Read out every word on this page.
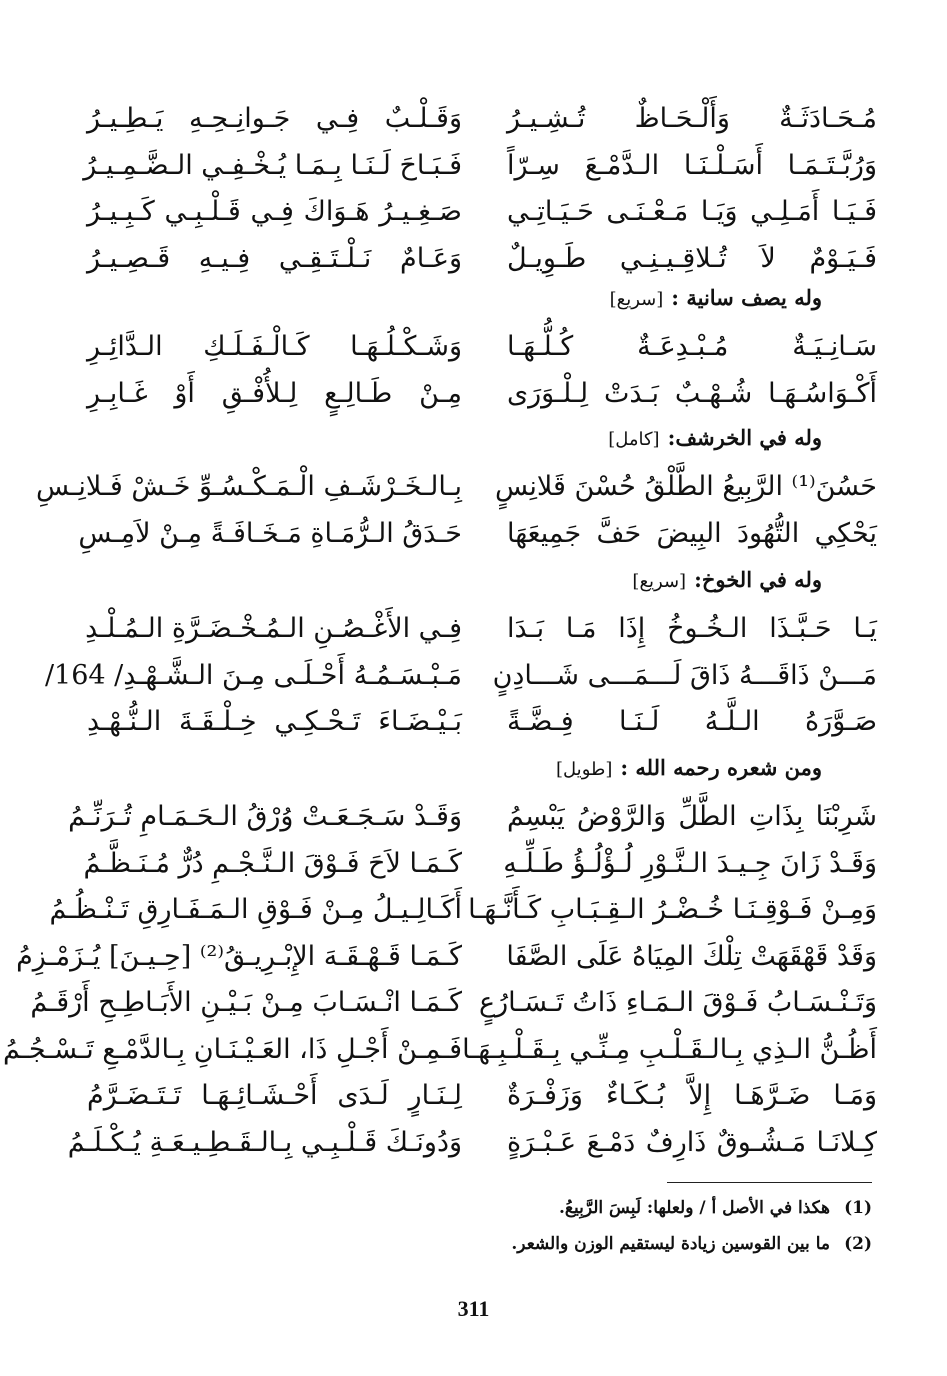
مُـحَـادَثَـةٌ وَأَلْـحَـاظٌ تُـشِـيـرُ
وَقَـلْـبٌ فِـي جَـوانِـحِـهِ يَـطِـيـرُ
وَرُبَّـتَـمَـا أَسَـلْـنَـا الـدَّمْـعَ سِـرّاً
فَـبَـاحَ لَـنَـا بِـمَـا يُـخْـفِـي الـضَّـمِـيـرُ
فَـيَـا أَمَـلِـي وَيَـا مَـعْـنَـى حَـيَـاتِـي
صَـغِـيـرُ هَـوَاكَ فِـي قَـلْـبِـي كَـبِـيـرُ
فَـيَـوْمٌ لاَ تُـلاقِـيـنِـي طَـوِيـلٌ
وَعَـامٌ نَـلْـتَـقِـي فِـيـهِ قَـصِـيـرُ
وله يصف سانية :[سريع]
سَـانِـيَـةٌ مُـبْـدِعَـةٌ كُـلُّـهَـا
وَشَـكْـلُـهَـا كَـالْـفَـلَـكِ الـدَّائِـرِ
أَكْـوَاسُـهَـا شُـهْـبٌ بَـدَتْ لِـلْـوَرَى
مِـنْ طَـالِـعٍ لِـلأُفْـقِ أَوْ غَـابِـرِ
وله في الخرشف:[كامل]
حَسُنَ⁽¹⁾ الرَّبِيعُ الطَّلْقُ حُسْنَ قَلانِسٍ
بِـالـخَـرْشَـفِ الْـمَـكْـسُـوِّ خَـشْ فَـلانِـسِ
يَحْكِي التُّهُودَ البِيضَ حَفَّ جَمِيعَهَا
حَـدَقُ الـرُّمَـاةِ مَـخَـافَـةً مِـنْ لاَمِـسِ
وله في الخوخ:[سريع]
يَـا حَـبَّـذَا الـخُـوخُ إِذَا مَـا بَـدَا
فِـي الأَغْـصُـنِ الـمُـخْـضَـرَّةِ الـمُـلْـدِ
مَـــنْ ذَاقَـــهُ ذَاقَ لَـــمَـــى شَـــادِنٍ
مَـبْـسَـمُـهُ أَحْـلَـى مِـنَ الـشَّـهْـدِ/ 164/
صَـوَّرَهُ الـلَّـهُ لَـنَـا فِـضَّـةً
بَـيْـضَـاءَ تَـحْـكِـي خِـلْـقَـةَ الـنُّـهْـدِ
ومن شعره رحمه الله :[طويل]
شَرِبْنَا بِذَاتِ الطَّلِّ وَالرَّوْضُ يَبْسِمُ
وَقَـدْ سَـجَـعَـتْ وُرْقُ الـحَـمَـامِ تُـرَنِّـمُ
وَقَـدْ زَانَ جِـيـدَ الـنَّـوْرِ لُـؤْلُـؤُ طَـلِّـهِ
كَـمَـا لاَحَ فَـوْقَ الـنَّـجْـمِ دُرٌّ مُـنَـظَّـمُ
وَمِـنْ فَـوْقِـنَـا خُـضْـرُ الـقِـبَـابِ كَـأَنَّـهَـا
أَكَـالِـيـلُ مِـنْ فَـوْقِ الـمَـفَـارِقِ تَـنْـظُـمُ
وَقَدْ قَهْقَهَتْ تِلْكَ المِيَاهُ عَلَى الصَّفَا
كَـمَـا قَـهْـقَـهَ الإِبْـرِيـقُ⁽²⁾ [حِـيـنَ] يُـزَمْـزِمُ
وَتَـنْـسَـابُ فَـوْقَ الـمَـاءِ ذَاتُ تَـسَـارُعٍ
كَـمَـا انْـسَـابَ مِـنْ بَـيْـنِ الأَبَـاطِـحِ أَرْقَـمُ
أَظُـنُّ الـذِي بِـالـقَـلْـبِ مِـنِّـي بِـقَـلْـبِـهَـا
فَـمِـنْ أَجْـلِ ذَا، العَـيْـنَـانِ بِـالدَّمْـعِ تَـسْـجُـمُ
وَمَـا ضَـرَّهَـا إِلاَّ بُـكَـاءٌ وَزَفْـرَةٌ
لِـنَـارٍ لَـدَى أَحْـشَـائِـهَـا تَـتَـضَـرَّمُ
كِـلانَـا مَـشُـوقٌ ذَارِفٌ دَمْـعَ عَـبْـرَةٍ
وَدُونَـكَ قَـلْـبِـي بِـالـقَـطِـيـعَـةِ يُـكْـلَـمُ
(1)هكذا في الأصل أ / ولعلها: لَبِسَ الرَّبِيعُ.
(2)ما بين القوسين زيادة ليستقيم الوزن والشعر.
311
